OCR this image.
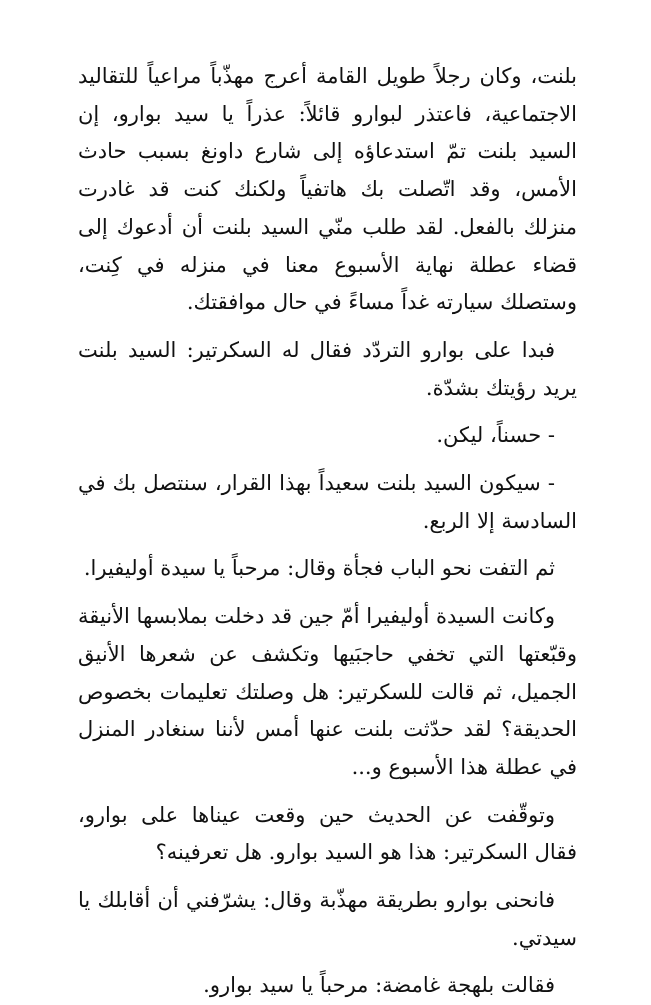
بلنت، وكان رجلاً طويل القامة أعرج مهذّباً مراعياً للتقاليد الاجتماعية، فاعتذر لبوارو قائلاً: عذراً يا سيد بوارو، إن السيد بلنت تمّ استدعاؤه إلى شارع داونغ بسبب حادث الأمس، وقد اتّصلت بك هاتفياً ولكنك كنت قد غادرت منزلك بالفعل. لقد طلب منّي السيد بلنت أن أدعوك إلى قضاء عطلة نهاية الأسبوع معنا في منزله في كِنت، وستصلك سيارته غداً مساءً في حال موافقتك.

فبدا على بوارو التردّد فقال له السكرتير: السيد بلنت يريد رؤيتك بشدّة.

- حسناً، ليكن.

- سيكون السيد بلنت سعيداً بهذا القرار، سنتصل بك في السادسة إلا الربع.

ثم التفت نحو الباب فجأة وقال: مرحباً يا سيدة أوليفيرا.

وكانت السيدة أوليفيرا أمّ جين قد دخلت بملابسها الأنيقة وقبّعتها التي تخفي حاجبَيها وتكشف عن شعرها الأنيق الجميل، ثم قالت للسكرتير: هل وصلتك تعليمات بخصوص الحديقة؟ لقد حدّثت بلنت عنها أمس لأننا سنغادر المنزل في عطلة هذا الأسبوع و...

وتوقّفت عن الحديث حين وقعت عيناها على بوارو، فقال السكرتير: هذا هو السيد بوارو. هل تعرفينه؟

فانحنى بوارو بطريقة مهذّبة وقال: يشرّفني أن أقابلك يا سيدتي.

فقالت بلهجة غامضة: مرحباً يا سيد بوارو.
